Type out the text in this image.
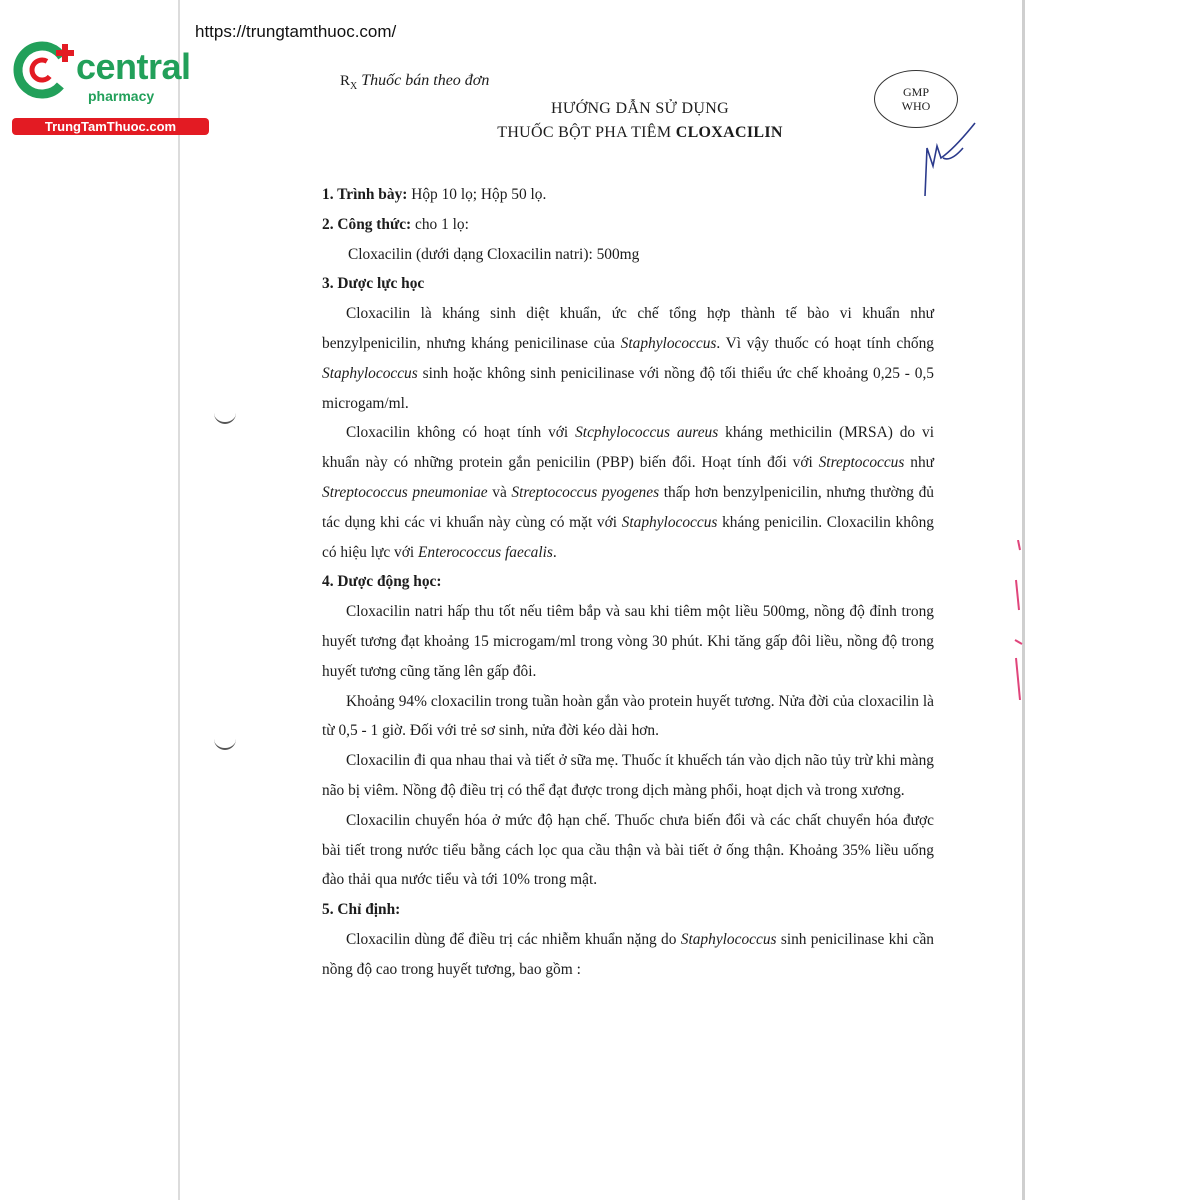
https://trungtamthuoc.com/
central
pharmacy
TrungTamThuoc.com
$R_X$ Thuốc bán theo đơn
HƯỚNG DẪN SỬ DỤNG
THUỐC BỘT PHA TIÊM CLOXACILIN
GMP
WHO

1. Trình bày: Hộp 10 lọ; Hộp 50 lọ.

2. Công thức: cho 1 lọ:

Cloxacilin (dưới dạng Cloxacilin natri): 500mg

3. Dược lực học

Cloxacilin là kháng sinh diệt khuẩn, ức chế tổng hợp thành tế bào vi khuẩn như benzylpenicilin, nhưng kháng penicilinase của Staphylococcus. Vì vậy thuốc có hoạt tính chống Staphylococcus sinh hoặc không sinh penicilinase với nồng độ tối thiểu ức chế khoảng 0,25 - 0,5 microgam/ml.

Cloxacilin không có hoạt tính với Stcphylococcus aureus kháng methicilin (MRSA) do vi khuẩn này có những protein gắn penicilin (PBP) biến đổi. Hoạt tính đối với Streptococcus như Streptococcus pneumoniae và Streptococcus pyogenes thấp hơn benzylpenicilin, nhưng thường đủ tác dụng khi các vi khuẩn này cùng có mặt với Staphylococcus kháng penicilin. Cloxacilin không có hiệu lực với Enterococcus faecalis.

4. Dược động học:

Cloxacilin natri hấp thu tốt nếu tiêm bắp và sau khi tiêm một liều 500mg, nồng độ đỉnh trong huyết tương đạt khoảng 15 microgam/ml trong vòng 30 phút. Khi tăng gấp đôi liều, nồng độ trong huyết tương cũng tăng lên gấp đôi.

Khoảng 94% cloxacilin trong tuần hoàn gắn vào protein huyết tương. Nửa đời của cloxacilin là từ 0,5 - 1 giờ. Đối với trẻ sơ sinh, nửa đời kéo dài hơn.

Cloxacilin đi qua nhau thai và tiết ở sữa mẹ. Thuốc ít khuếch tán vào dịch não tủy trừ khi màng não bị viêm. Nồng độ điều trị có thể đạt được trong dịch màng phổi, hoạt dịch và trong xương.

Cloxacilin chuyển hóa ở mức độ hạn chế. Thuốc chưa biến đổi và các chất chuyển hóa được bài tiết trong nước tiểu bằng cách lọc qua cầu thận và bài tiết ở ống thận. Khoảng 35% liều uống đào thải qua nước tiểu và tới 10% trong mật.

5. Chỉ định:

Cloxacilin dùng để điều trị các nhiễm khuẩn nặng do Staphylococcus sinh penicilinase khi cần nồng độ cao trong huyết tương, bao gồm :
